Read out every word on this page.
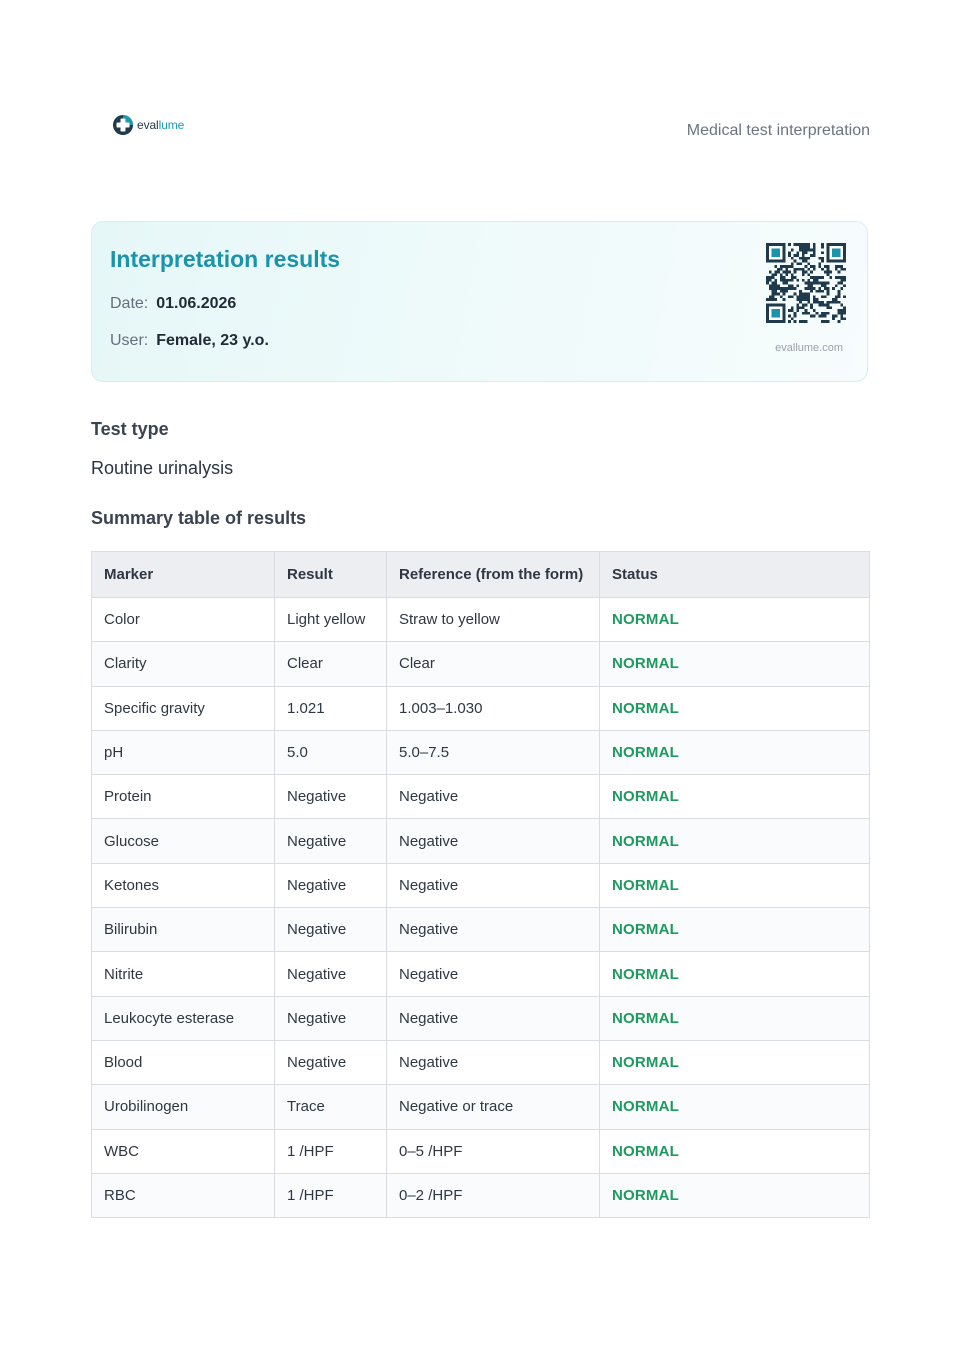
evallume	Medical test interpretation
Interpretation results
Date: 01.06.2026
User: Female, 23 y.o.	evallume.com
Test type
Routine urinalysis
Summary table of results
Marker	Result	Reference (from the form)	Status
Color	Light yellow	Straw to yellow	NORMAL
Clarity	Clear	Clear	NORMAL
Specific gravity	1.021	1.003–1.030	NORMAL
pH	5.0	5.0–7.5	NORMAL
Protein	Negative	Negative	NORMAL
Glucose	Negative	Negative	NORMAL
Ketones	Negative	Negative	NORMAL
Bilirubin	Negative	Negative	NORMAL
Nitrite	Negative	Negative	NORMAL
Leukocyte esterase	Negative	Negative	NORMAL
Blood	Negative	Negative	NORMAL
Urobilinogen	Trace	Negative or trace	NORMAL
WBC	1 /HPF	0–5 /HPF	NORMAL
RBC	1 /HPF	0–2 /HPF	NORMAL
